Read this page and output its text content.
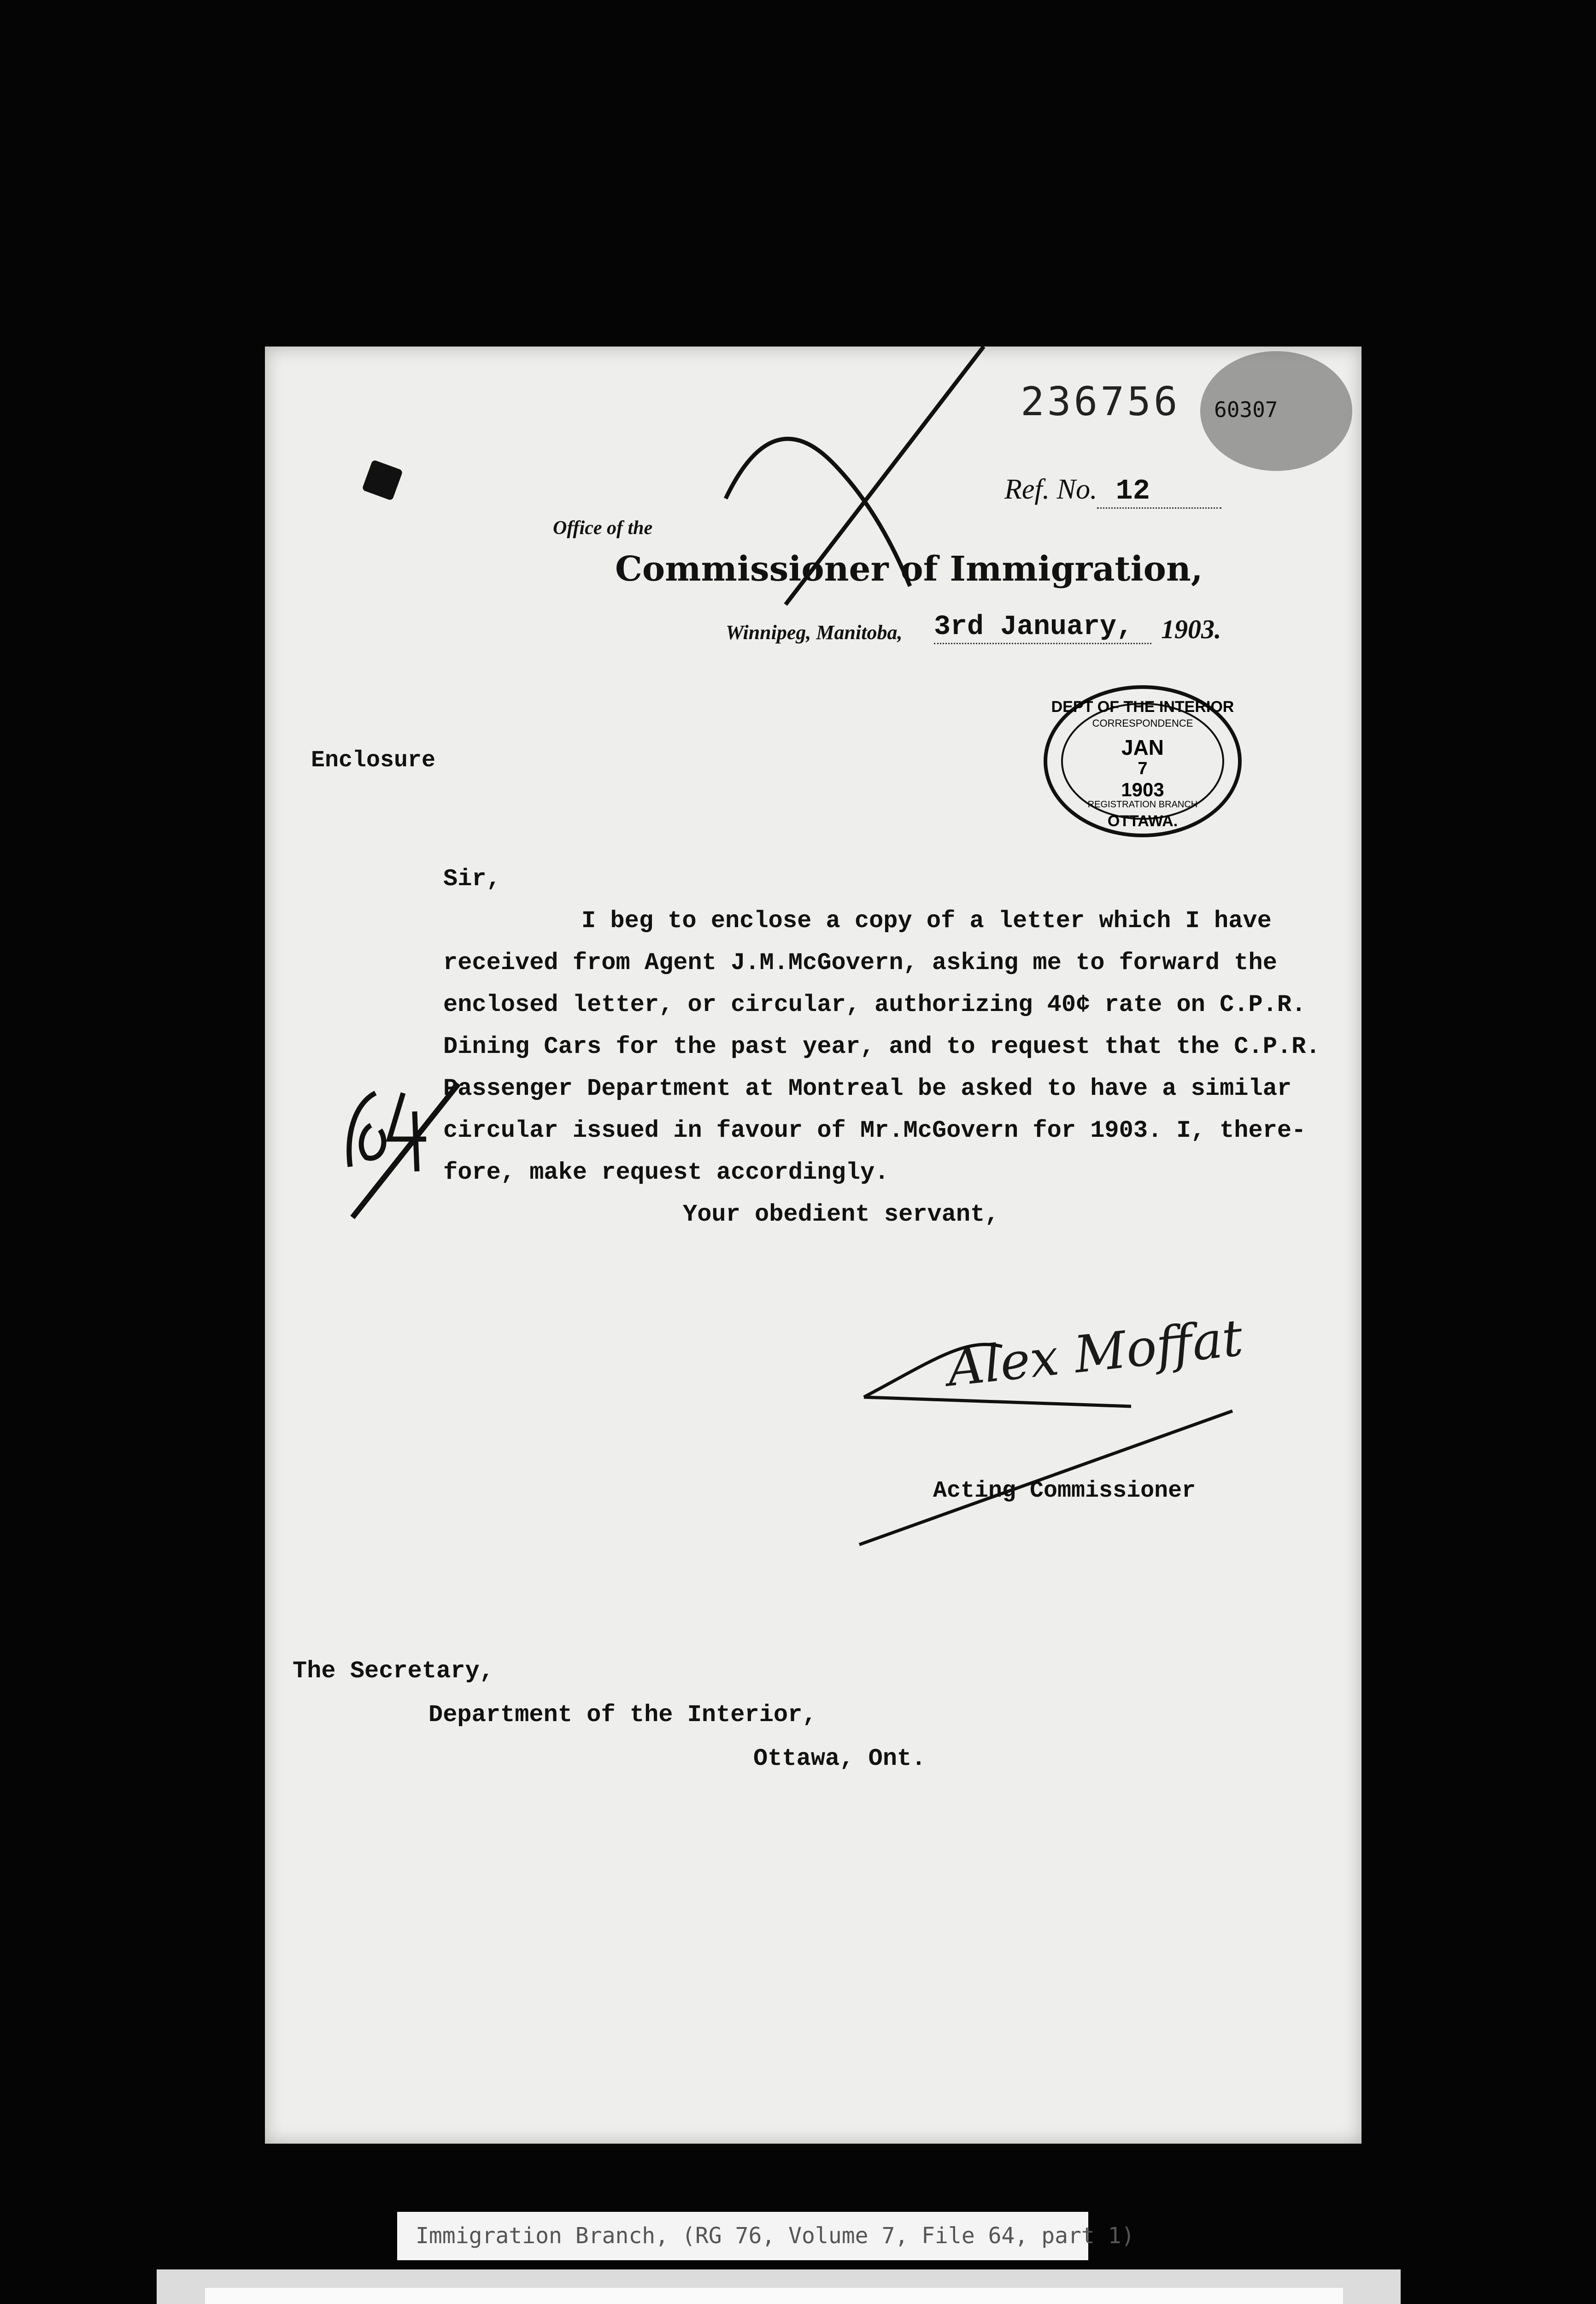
60307
236756
Ref. No. 12
Office of the
Commissioner of Immigration,
Winnipeg, Manitoba, 3rd January,	1903.
DEPT OF THE INTERIOR
CORRESPONDENCE
JAN
7
1903
REGISTRATION BRANCH
OTTAWA.
Enclosure

Sir,

I beg to enclose a copy of a letter which I have

received from Agent J.M.McGovern, asking me to forward the

enclosed letter, or circular, authorizing 40¢ rate on C.P.R.

Dining Cars for the past year, and to request that the C.P.R.

Passenger Department at Montreal be asked to have a similar

circular issued in favour of Mr.McGovern for 1903. I, there-

fore, make request accordingly.

Your obedient servant,

Alex Moffat
Acting Commissioner
The Secretary,
Department of the Interior,
Ottawa, Ont.
Immigration Branch, (RG 76, Volume 7, File 64, part 1)
